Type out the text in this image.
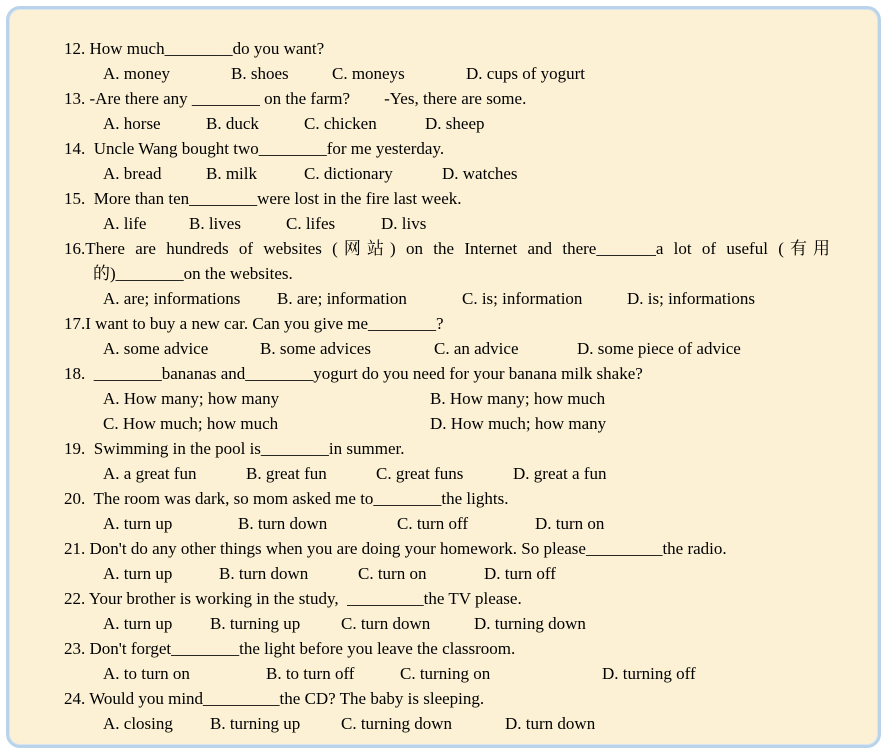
12. How much________do you want?
A. money	B. shoes	C. moneys	D. cups of yogurt
13. -Are there any ________ on the farm?        -Yes, there are some.
A. horse	B. duck	C. chicken	D. sheep
14.  Uncle Wang bought two________for me yesterday.
A. bread	B. milk	C. dictionary	D. watches
15.  More than ten________were lost in the fire last week.
A. life	B. lives	C. lifes	D. livs
16.There are hundreds of websites (网站) on the Internet and there_______a lot of useful (有用
的)________on the websites.
A. are; informations B. are; information	C. is; information	D. is; informations
17.I want to buy a new car. Can you give me________?
A. some advice	B. some advices	C. an advice	D. some piece of advice
18.  ________bananas and________yogurt do you need for your banana milk shake?
A. How many; how many	B. How many; how much
C. How much; how much	D. How much; how many
19.  Swimming in the pool is________in summer.
A. a great fun	B. great fun	C. great funs	D. great a fun
20.  The room was dark, so mom asked me to________the lights.
A. turn up	B. turn down	C. turn off	D. turn on
21. Don't do any other things when you are doing your homework. So please_________the radio.
A. turn up	B. turn down	C. turn on	D. turn off
22. Your brother is working in the study,  _________the TV please.
A. turn up B. turning up C. turn down	D. turning down
23. Don't forget________the light before you leave the classroom.
A. to turn on	B. to turn off	C. turning on	D. turning off
24. Would you mind_________the CD? The baby is sleeping.
A. closing B. turning up C. turning down	D. turn down
